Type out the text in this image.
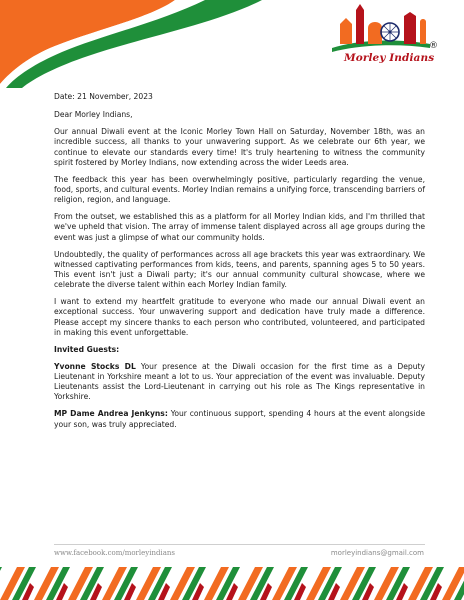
®
Morley Indians

Date: 21 November, 2023

Dear Morley Indians,

Our annual Diwali event at the Iconic Morley Town Hall on Saturday, November 18th, was an incredible success, all thanks to your unwavering support. As we celebrate our 6th year, we continue to elevate our standards every time! It's truly heartening to witness the community spirit fostered by Morley Indians, now extending across the wider Leeds area.

The feedback this year has been overwhelmingly positive, particularly regarding the venue, food, sports, and cultural events. Morley Indian remains a unifying force, transcending barriers of religion, region, and language.

From the outset, we established this as a platform for all Morley Indian kids, and I'm thrilled that we've upheld that vision. The array of immense talent displayed across all age groups during the event was just a glimpse of what our community holds.

Undoubtedly, the quality of performances across all age brackets this year was extraordinary. We witnessed captivating performances from kids, teens, and parents, spanning ages 5 to 50 years. This event isn't just a Diwali party; it's our annual community cultural showcase, where we celebrate the diverse talent within each Morley Indian family.

I want to extend my heartfelt gratitude to everyone who made our annual Diwali event an exceptional success. Your unwavering support and dedication have truly made a difference. Please accept my sincere thanks to each person who contributed, volunteered, and participated in making this event unforgettable.

Invited Guests:

Yvonne Stocks DL Your presence at the Diwali occasion for the first time as a Deputy Lieutenant in Yorkshire meant a lot to us. Your appreciation of the event was invaluable. Deputy Lieutenants assist the Lord-Lieutenant in carrying out his role as The Kings representative in Yorkshire.

MP Dame Andrea Jenkyns: Your continuous support, spending 4 hours at the event alongside your son, was truly appreciated.

www.facebook.com/morleyindians	morleyindians@gmail.com
